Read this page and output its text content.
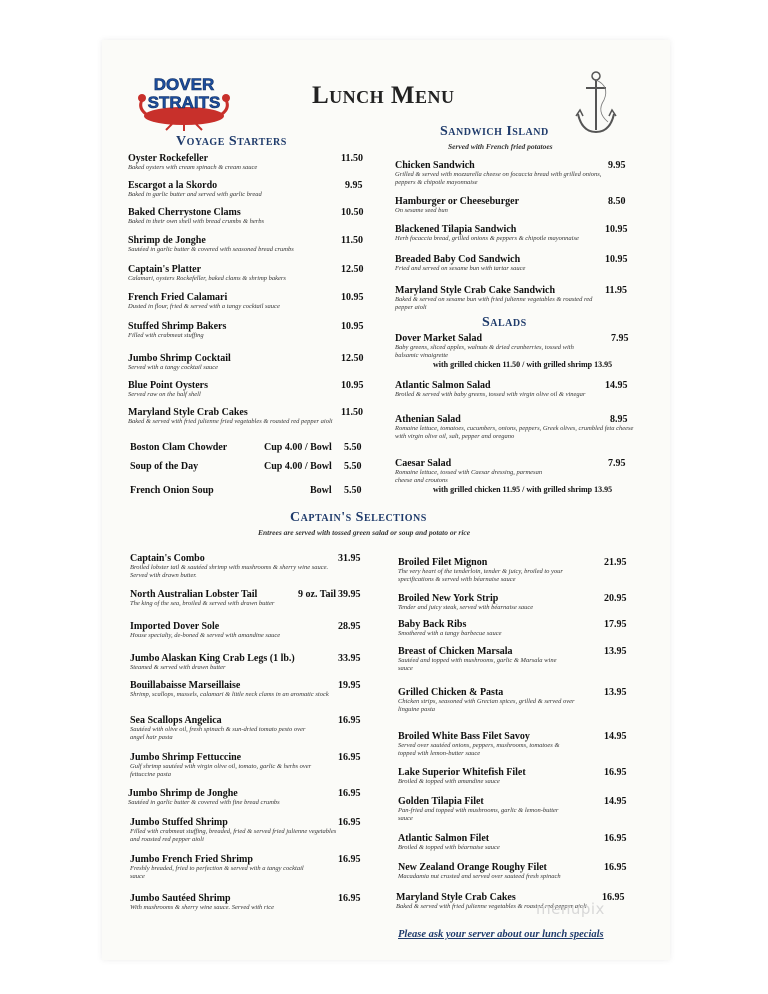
DOVER
STRAITS	Lunch Menu
Voyage Starters
Oyster Rockefeller
Baked oysters with cream spinach & cream sauce
11.50
Escargot a la Skordo
Baked in garlic butter and served with garlic bread
9.95
Baked Cherrystone Clams
Baked in their own shell with bread crumbs & herbs
10.50
Shrimp de Jonghe
Sautéed in garlic butter & covered with seasoned bread crumbs
11.50
Captain's Platter
Calamari, oysters Rockefeller, baked clams & shrimp bakers
12.50
French Fried Calamari
Dusted in flour, fried & served with a tangy cocktail sauce
10.95
Stuffed Shrimp Bakers
Filled with crabmeat stuffing
10.95
Jumbo Shrimp Cocktail
Served with a tangy cocktail sauce
12.50
Blue Point Oysters
Served raw on the half shell
10.95
Maryland Style Crab Cakes
Baked & served with fried julienne fried vegetables & roasted red pepper aioli
11.50
Boston Clam Chowder	Cup 4.00 / Bowl 5.50
Soup of the Day	Cup 4.00 / Bowl 5.50
French Onion Soup	Bowl 5.50
Sandwich Island
Served with French fried potatoes
Chicken Sandwich
Grilled & served with mozzarella cheese on focaccia bread with grilled onions, peppers & chipotle mayonnaise
9.95
Hamburger or Cheeseburger
On sesame seed bun
8.50
Blackened Tilapia Sandwich
Herb focaccia bread, grilled onions & peppers & chipotle mayonnaise
10.95
Breaded Baby Cod Sandwich
Fried and served on sesame bun with tartar sauce
10.95
Maryland Style Crab Cake Sandwich
Baked & served on sesame bun with fried julienne vegetables & roasted red pepper aioli
11.95
Salads
Dover Market Salad
Baby greens, sliced apples, walnuts & dried cranberries, tossed with balsamic vinaigrette
with grilled chicken 11.50 / with grilled shrimp 13.95
7.95
Atlantic Salmon Salad
Broiled & served with baby greens, tossed with virgin olive oil & vinegar
14.95
Athenian Salad
Romaine lettuce, tomatoes, cucumbers, onions, peppers, Greek olives, crumbled feta cheese with virgin olive oil, salt, pepper and oregano
8.95
Caesar Salad
Romaine lettuce, tossed with Caesar dressing, parmesan cheese and croutons
with grilled chicken 11.95 / with grilled shrimp 13.95
7.95
Captain's Selections
Entrees are served with tossed green salad or soup and potato or rice
Captain's Combo
Broiled lobster tail & sautéed shrimp with mushrooms & sherry wine sauce. Served with drawn butter.
31.95
North Australian Lobster Tail
The king of the sea, broiled & served with drawn butter
9 oz. Tail 39.95
Imported Dover Sole
House specialty, de-boned & served with amandine sauce
28.95
Jumbo Alaskan King Crab Legs (1 lb.)
Steamed & served with drawn butter
33.95
Bouillabaisse Marseillaise
Shrimp, scallops, mussels, calamari & little neck clams in an aromatic stock
19.95
Sea Scallops Angelica
Sautéed with olive oil, fresh spinach & sun-dried tomato pesto over angel hair pasta
16.95
Jumbo Shrimp Fettuccine
Gulf shrimp sautéed with virgin olive oil, tomato, garlic & herbs over fettuccine pasta
16.95
Jumbo Shrimp de Jonghe
Sautéed in garlic butter & covered with fine bread crumbs
16.95
Jumbo Stuffed Shrimp
Filled with crabmeat stuffing, breaded, fried & served fried julienne vegetables and roasted red pepper aioli
16.95
Jumbo French Fried Shrimp
Freshly breaded, fried to perfection & served with a tangy cocktail sauce
16.95
Jumbo Sautéed Shrimp
With mushrooms & sherry wine sauce. Served with rice
16.95
Broiled Filet Mignon
The very heart of the tenderloin, tender & juicy, broiled to your specifications & served with béarnaise sauce
21.95
Broiled New York Strip
Tender and juicy steak, served with béarnaise sauce
20.95
Baby Back Ribs
Smothered with a tangy barbecue sauce
17.95
Breast of Chicken Marsala
Sautéed and topped with mushrooms, garlic & Marsala wine sauce
13.95
Grilled Chicken & Pasta
Chicken strips, seasoned with Grecian spices, grilled & served over linguine pasta
13.95
Broiled White Bass Filet Savoy
Served over sautéed onions, peppers, mushrooms, tomatoes & topped with lemon-butter sauce
14.95
Lake Superior Whitefish Filet
Broiled & topped with amandine sauce
16.95
Golden Tilapia Filet
Pan-fried and topped with mushrooms, garlic & lemon-butter sauce
14.95
Atlantic Salmon Filet
Broiled & topped with béarnaise sauce
16.95
New Zealand Orange Roughy Filet
Macadamia nut crusted and served over sauteed fresh spinach
16.95
Maryland Style Crab Cakes
Baked & served with fried julienne vegetables & roasted red pepper aioli
16.95
Please ask your server about our lunch specials
menupix
